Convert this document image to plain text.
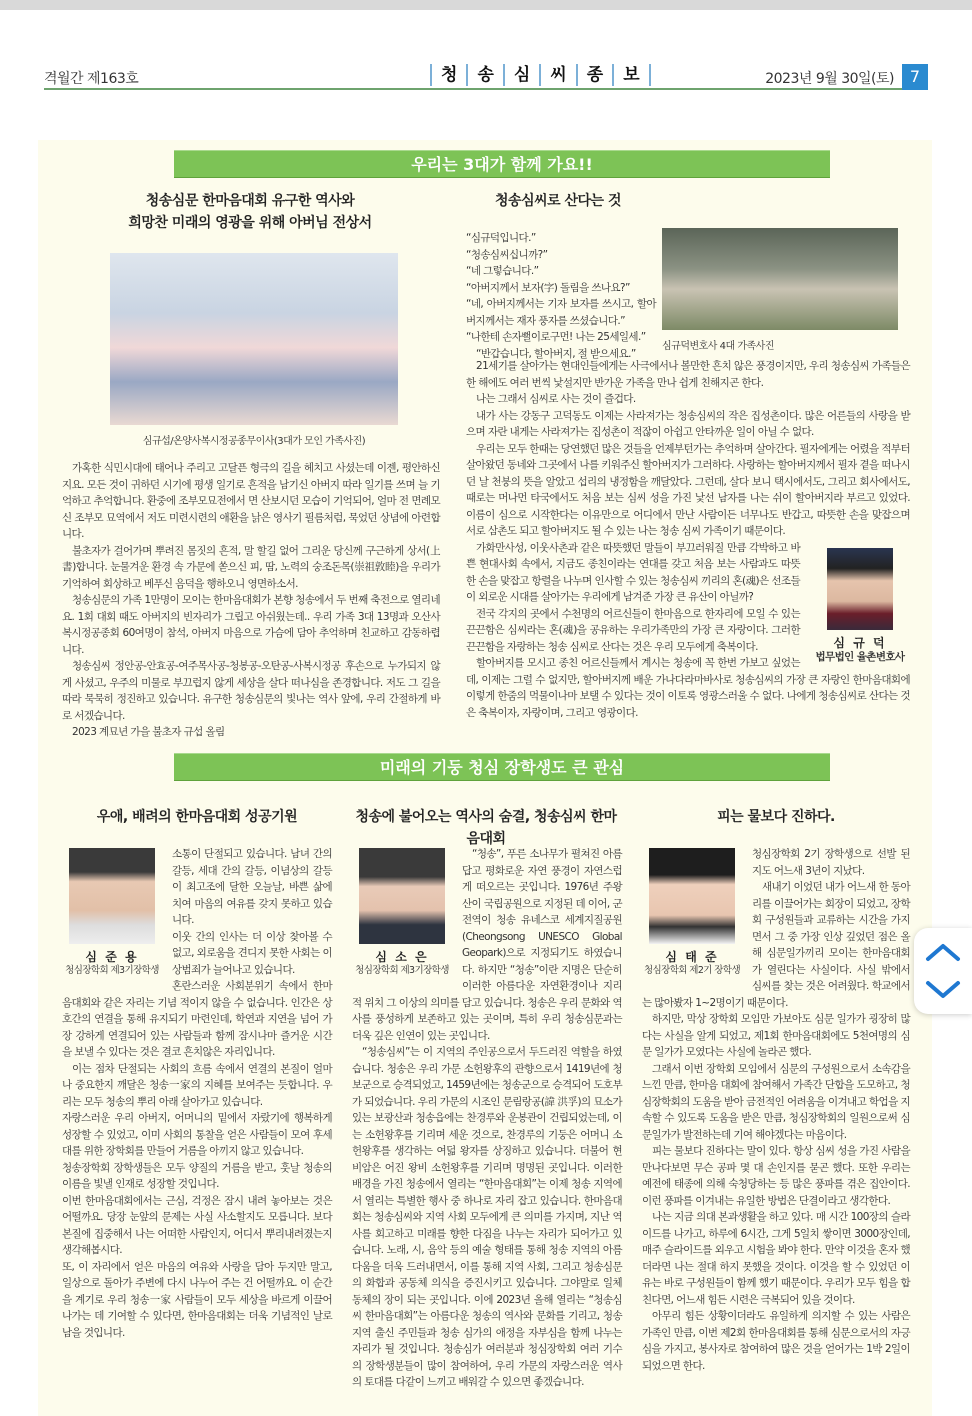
격월간 제163호	청	송	심	씨	종	보	2023년 9월 30일(토) 7
우리는 3대가 함께 가요!!
청송심문 한마음대회 유구한 역사와
희망찬 미래의 영광을 위해 아버님 전상서
심규섭/온양사복시정공종무이사(3대가 모인 가족사진)

가혹한 식민시대에 태어나 주리고 고달픈 형극의 길을 헤치고 사셨는데 이젠, 평안하신지요. 모든 것이 귀하던 시기에 평생 일기로 흔적을 남기신 아버지 따라 일기를 쓰며 늘 기억하고 추억합니다. 환중에 조부모묘전에서 면 산보시던 모습이 기억되어, 얼마 전 면례모신 조부모 묘역에서 저도 미련시련의 애환을 낡은 영사기 필름처럼, 묵었던 상념에 아련합니다.

불초자가 걸어가며 뿌려진 몸짓의 흔적, 말 할길 없어 그리운 당신께 구근하게 상서(上書)합니다. 눈물겨운 환경 속 가문에 쏟으신 피, 땀, 노력의 숭조돈목(崇祖敦睦)을 우리가 기억하여 회상하고 베푸신 음덕을 행하오니 영면하소서.

청송심문의 가족 1만명이 모이는 한마음대회가 본향 청송에서 두 번째 축전으로 열리네요. 1회 대회 때도 아버지의 빈자리가 그립고 아쉬웠는데.. 우리 가족 3대 13명과 오산사복시정공종회 60여명이 참석, 아버지 마음으로 가슴에 담아 추억하며 친교하고 감동하렵니다.

청송심씨 정안공-안효공-여주목사공-청봉공-오탄공-사복시정공 후손으로 누가되지 않게 사셨고, 우주의 미물로 부끄럽지 않게 세상을 살다 떠나심을 존경합니다. 저도 그 길을 따라 묵묵히 정진하고 있습니다. 유구한 청송심문의 빛나는 역사 앞에, 우리 간절하게 바로 서겠습니다.

2023 계묘년 가을 불초자 규섭 올림

청송심씨로 산다는 것

“심규덕입니다.”

“청송심씨십니까?”

“네 그렇습니다.”

“아버지께서 보자(字) 돌림을 쓰나요?”

“네, 아버지께서는 기자 보자를 쓰시고, 할아버지께서는 재자 풍자를 쓰셨습니다.”

“나한테 손자뻘이로구먼! 나는 25세일세.”

“반갑습니다, 할아버지, 절 받으세요.”

심규덕변호사 4대 가족사진

21세기를 살아가는 현대인들에게는 사극에서나 볼만한 흔치 않은 풍경이지만, 우리 청송심씨 가족들은 한 해에도 여러 번씩 낯설지만 반가운 가족을 만나 쉽게 친해지곤 한다.

나는 그래서 심씨로 사는 것이 즐겁다.

내가 사는 강동구 고덕동도 이제는 사라져가는 청송심씨의 작은 집성촌이다. 많은 어른들의 사랑을 받으며 자란 내게는 사라져가는 집성촌이 적잖이 아쉽고 안타까운 일이 아닐 수 없다.

우리는 모두 한때는 당연했던 많은 것들을 언제부턴가는 추억하며 살아간다. 필자에게는 어렸을 적부터 살아왔던 동네와 그곳에서 나를 키워주신 할아버지가 그러하다. 사랑하는 할아버지께서 필자 곁을 떠나시던 날 천붕의 뜻을 알았고 섭리의 냉정함을 깨달았다. 그런데, 살다 보니 택시에서도, 그리고 회사에서도, 때로는 머나먼 타국에서도 처음 보는 심씨 성을 가진 낯선 남자를 나는 쉬이 할아버지라 부르고 있었다. 이름이 심으로 시작한다는 이유만으로 어디에서 만난 사람이든 너무나도 반갑고, 따뜻한 손을 맞잡으며 서로 삼촌도 되고 할아버지도 될 수 있는 나는 청송 심씨 가족이기 때문이다.

심 규 덕
법무법인 율촌변호사

가화만사성, 이웃사촌과 같은 따뜻했던 말들이 부끄러워질 만큼 각박하고 바쁜 현대사회 속에서, 지금도 종친이라는 연대를 갖고 처음 보는 사람과도 따뜻한 손을 맞잡고 항렬을 나누며 인사할 수 있는 청송심씨 끼리의 혼(魂)은 선조들이 외로운 시대를 살아가는 우리에게 남겨준 가장 큰 유산이 아닐까?

전국 각지의 곳에서 수천명의 어르신들이 한마음으로 한자리에 모일 수 있는 끈끈함은 심씨라는 혼(魂)을 공유하는 우리가족만의 가장 큰 자랑이다. 그러한 끈끈함을 자랑하는 청송 심씨로 산다는 것은 우리 모두에게 축복이다.

할아버지를 모시고 종친 어르신들께서 계시는 청송에 꼭 한번 가보고 싶었는데, 이제는 그럴 수 없지만, 할아버지께 배운 가나다라마바사로 청송심씨의 가장 큰 자랑인 한마음대회에 이렇게 한줌의 먹물이나마 보탤 수 있다는 것이 이토록 영광스러울 수 없다. 나에게 청송심씨로 산다는 것은 축복이자, 자랑이며, 그리고 영광이다.

미래의 기둥 청심 장학생도 큰 관심
우애, 배려의 한마음대회 성공기원
심 준 용
청심장학회 제3기장학생

소통이 단절되고 있습니다. 남녀 간의 갈등, 세대 간의 갈등, 이념상의 갈등이 최고조에 달한 오늘날, 바쁜 삶에 치여 마음의 여유를 갖지 못하고 있습니다.

이웃 간의 인사는 더 이상 찾아볼 수 없고, 외로움을 견디지 못한 사회는 이상범죄가 늘어나고 있습니다.

혼란스러운 사회분위기 속에서 한마음대회와 같은 자리는 기념 적이지 않을 수 없습니다. 인간은 상호간의 연결을 통해 유지되기 마련인데, 학연과 지연을 넘어 가장 강하게 연결되어 있는 사람들과 함께 잠시나마 즐거운 시간을 보낼 수 있다는 것은 결코 흔치않은 자리입니다.

이는 점차 단절되는 사회의 흐름 속에서 연결의 본질이 얼마나 중요한지 깨달은 청송一家의 지혜를 보여주는 듯합니다. 우리는 모두 청송의 뿌리 아래 살아가고 있습니다.

자랑스러운 우리 아버지, 어머니의 밑에서 자랐기에 행복하게 성장할 수 있었고, 이미 사회의 통찰을 얻은 사람들이 모여 후세대를 위한 장학회를 만들어 거름을 아끼지 않고 있습니다.

청송장학회 장학생들은 모두 양질의 거름을 받고, 훗날 청송의 이름을 빛낼 인재로 성장할 것입니다.

이번 한마음대회에서는 근심, 걱정은 잠시 내려 놓아보는 것은 어떨까요. 당장 눈앞의 문제는 사실 사소할지도 모릅니다. 보다 본질에 집중해서 나는 어떠한 사람인지, 어디서 뿌리내려졌는지 생각해봅시다.

또, 이 자리에서 얻은 마음의 여유와 사랑을 담아 두지만 말고, 일상으로 돌아가 주변에 다시 나누어 주는 건 어떨까요. 이 순간을 계기로 우리 청송一家 사람들이 모두 세상을 바르게 이끌어 나가는 데 기여할 수 있다면, 한마음대회는 더욱 기념적인 날로 남을 것입니다.

청송에 불어오는 역사의 숨결, 청송심씨 한마음대회
심 소 은
청심장학회 제3기장학생

“청송”, 푸른 소나무가 펼쳐진 아름답고 평화로운 자연 풍경이 자연스럽게 떠오르는 곳입니다. 1976년 주왕산이 국립공원으로 지정된 데 이어, 군 전역이 청송 유네스코 세계지질공원(Cheongsong UNESCO Global Geopark)으로 지정되기도 하였습니다. 하지만 “청송”이란 지명은 단순히 이러한 아름다운 자연환경이나 지리적 위치 그 이상의 의미를 담고 있습니다. 청송은 우리 문화와 역사를 풍성하게 보존하고 있는 곳이며, 특히 우리 청송심문과는 더욱 깊은 인연이 있는 곳입니다.

“청송심씨”는 이 지역의 주인공으로서 두드러진 역할을 하였습니다. 청송은 우리 가문 소헌왕후의 관향으로서 1419년에 청보군으로 승격되었고, 1459년에는 청송군으로 승격되어 도호부가 되었습니다. 우리 가문의 시조인 문림랑공(諱 洪孚)의 묘소가 있는 보광산과 청송읍에는 찬경루와 운봉관이 건립되었는데, 이는 소헌왕후를 기리며 세운 것으로, 찬경루의 기둥은 어머니 소헌왕후를 생각하는 여덟 왕자를 상징하고 있습니다. 더불어 현비암은 어진 왕비 소헌왕후를 기리며 명명된 곳입니다. 이러한 배경을 가진 청송에서 열리는 “한마음대회”는 이제 청송 지역에서 열리는 특별한 행사 중 하나로 자리 잡고 있습니다. 한마음대회는 청송심씨와 지역 사회 모두에게 큰 의미를 가지며, 지난 역사를 회고하고 미래를 향한 다짐을 나누는 자리가 되어가고 있습니다. 노래, 시, 음악 등의 예술 형태를 통해 청송 지역의 아름다움을 더욱 드러내면서, 이를 통해 지역 사회, 그리고 청송심문의 화합과 공동체 의식을 증진시키고 있습니다. 그야말로 일체동체의 장이 되는 곳입니다. 이에 2023년 올해 열리는 “청송심씨 한마음대회”는 아름다운 청송의 역사와 문화를 기리고, 청송 지역 출신 주민들과 청송 심가의 애정을 자부심을 함께 나누는 자리가 될 것입니다. 청송심가 여러분과 청심장학회 여러 기수의 장학생분들이 많이 참여하여, 우리 가문의 자랑스러운 역사의 토대를 다같이 느끼고 배워갈 수 있으면 좋겠습니다.

피는 물보다 진하다.
심 태 준
청심장학회 제2기 장학생

청심장학회 2기 장학생으로 선발 된지도 어느새 3년이 지났다.

새내기 이었던 내가 어느새 한 동아리를 이끌어가는 회장이 되었고, 장학회 구성원들과 교류하는 시간을 가지면서 그 중 가장 인상 깊었던 점은 올해 심문일가끼리 모이는 한마음대회가 열린다는 사실이다. 사실 밖에서 심씨를 찾는 것은 어려웠다. 학교에서는 많아봤자 1~2명이기 때문이다.

하지만, 막상 장학회 모임만 가보아도 심문 일가가 굉장히 많다는 사실을 알게 되었고, 제1회 한마음대회에도 5천여명의 심문 일가가 모였다는 사실에 놀라곤 했다.

그래서 이번 장학회 모임에서 심문의 구성원으로서 소속감을 느낀 만큼, 한마음 대회에 참여해서 가족간 단합을 도모하고, 청심장학회의 도움을 받아 금전적인 어려움을 이겨내고 학업을 지속할 수 있도록 도움을 받은 만큼, 청심장학회의 일원으로써 심문일가가 발전하는데 기여 해야겠다는 마음이다.

피는 물보다 진하다는 말이 있다. 항상 심씨 성을 가진 사람을 만나다보면 무슨 공파 몇 대 손인지를 묻곤 했다. 또한 우리는 예전에 태종에 의해 숙청당하는 등 많은 풍파를 겪은 집안이다. 이런 풍파를 이겨내는 유일한 방법은 단결이라고 생각한다.

나는 지금 의대 본과생활을 하고 있다. 매 시간 100장의 슬라이드를 나가고, 하루에 6시간, 그게 5일치 쌓이면 3000장인데, 매주 슬라이드를 외우고 시험을 봐야 한다. 만약 이것을 혼자 했더라면 나는 절대 하지 못했을 것이다. 이것을 할 수 있었던 이유는 바로 구성원들이 함께 했기 때문이다. 우리가 모두 힘을 합친다면, 어느새 힘든 시련은 극복되어 있을 것이다.

아무리 힘든 상황이더라도 유일하게 의지할 수 있는 사람은 가족인 만큼, 이번 제2회 한마음대회를 통해 심문으로서의 자긍심을 가지고, 봉사자로 참여하여 많은 것을 얻어가는 1박 2일이 되었으면 한다.
